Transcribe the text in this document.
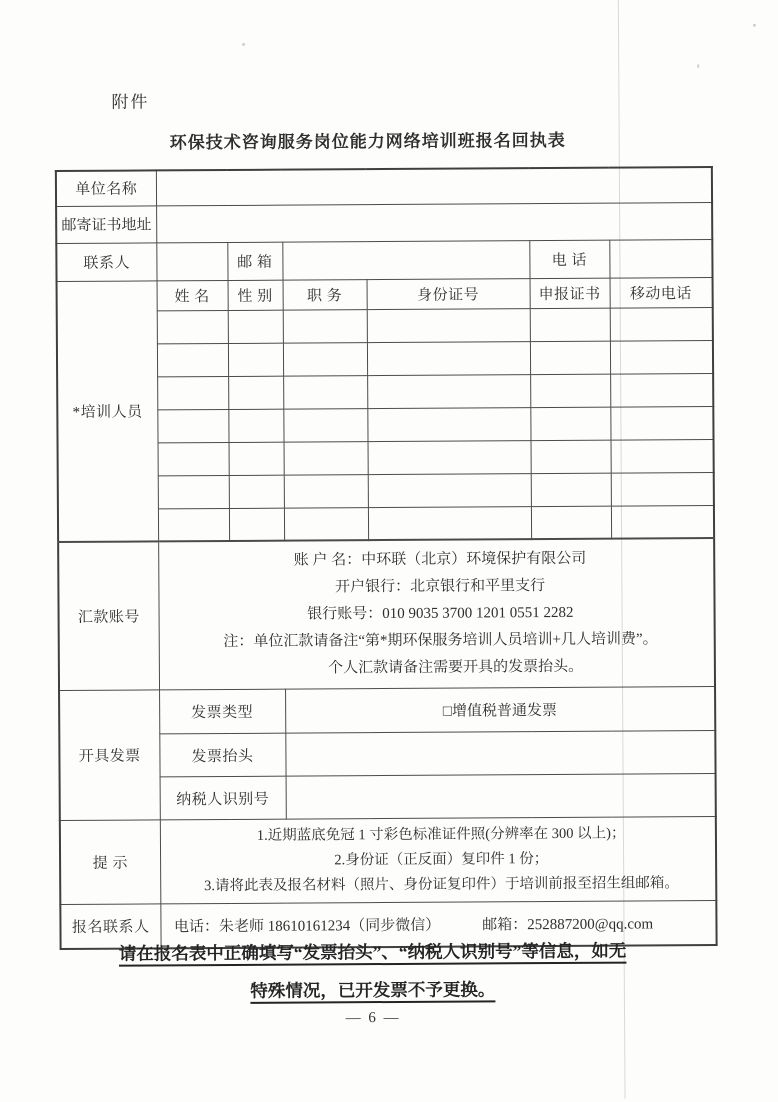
附件
环保技术咨询服务岗位能力网络培训班报名回执表
单位名称						
邮寄证书地址						
联系人		邮 箱			电 话	
*培训人员	姓 名	性 别	职 务	身份证号	申报证书	移动电话

汇款账号	账 户 名：中环联（北京）环境保护有限公司
开户银行：北京银行和平里支行
银行账号：010 9035 3700 1201 0551 2282
注：单位汇款请备注“第*期环保服务培训人员培训+几人培训费”。
个人汇款请备注需要开具的发票抬头。					

开具发票	发票类型		□增值税普通发票			
	发票抬头					
	纳税人识别号					
提 示	1.近期蓝底免冠 1 寸彩色标准证件照(分辨率在 300 以上)；
2.身份证（正反面）复印件 1 份；
3.请将此表及报名材料（照片、身份证复印件）于培训前报至招生组邮箱。					

报名联系人	电话：朱老师 18610161234（同步微信） 邮箱：252887200@qq.com					
请在报名表中正确填写“发票抬头”、“纳税人识别号”等信息，如无
特殊情况，已开发票不予更换。
— 6 —
